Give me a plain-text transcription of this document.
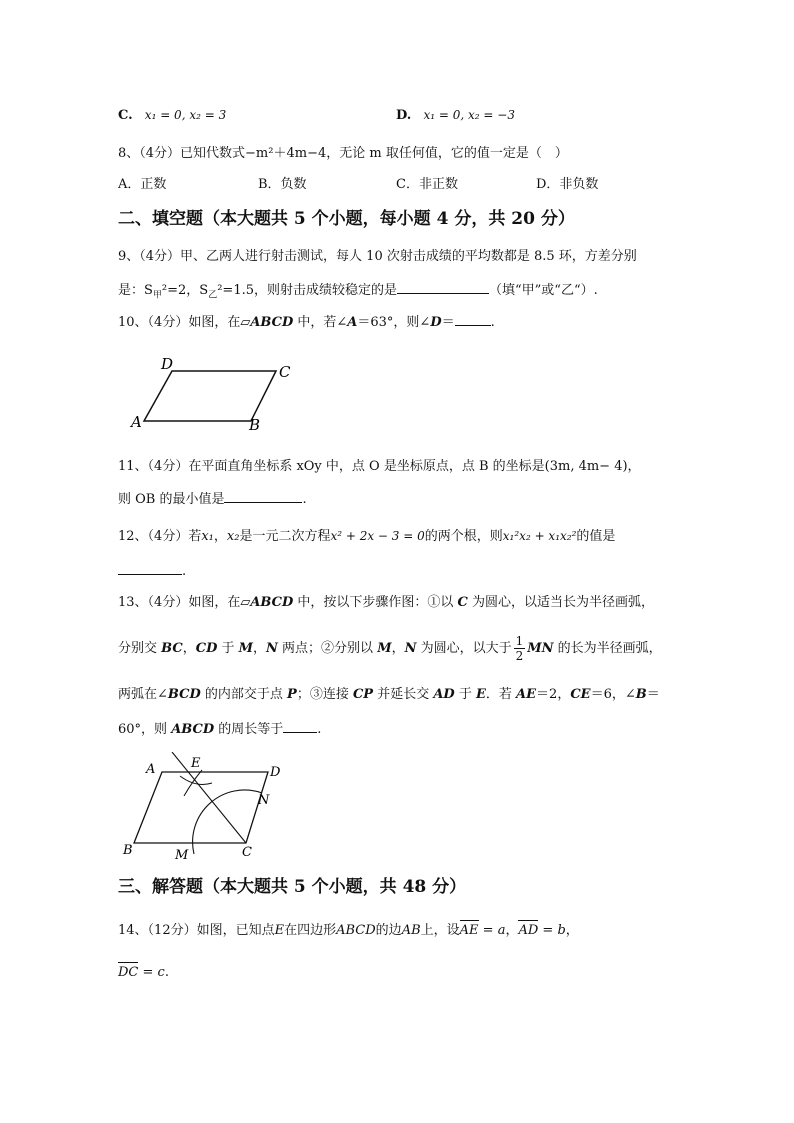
C. x₁ = 0, x₂ = 3	D. x₁ = 0, x₂ = −3
8、（4分）已知代数式−m²＋4m−4，无论 m 取任何值，它的值一定是（　）
A．正数	B．负数	C．非正数	D．非负数
二、填空题（本大题共 5 个小题，每小题 4 分，共 20 分）
9、（4分）甲、乙两人进行射击测试，每人 10 次射击成绩的平均数都是 8.5 环，方差分别
是：$S_甲^2=2$，$S_乙^2=1.5$，则射击成绩较稳定的是	（填“甲”或“乙“）.
10、（4分）如图，在▱ABCD 中，若∠A＝63°，则∠D＝	.
A	B
C
D
11、（4分）在平面直角坐标系 xOy 中，点 O 是坐标原点，点 B 的坐标是(3m, 4m− 4)，
则 OB 的最小值是	.
12、（4分）若x₁，x₂是一元二次方程x² + 2x − 3 = 0的两个根，则x₁²x₂ + x₁x₂²的值是
.
13、（4分）如图，在▱ABCD 中，按以下步骤作图：①以 C 为圆心，以适当长为半径画弧，
分别交 BC，CD 于 M，N 两点；②分别以 M，N 为圆心，以大于 $\frac{1}{2}$ MN 的长为半径画弧，
两弧在∠BCD 的内部交于点 P；③连接 CP 并延长交 AD 于 E．若 AE＝2，CE＝6，∠B＝
60°，则 ABCD 的周长等于	.
A
B	C
D
E
M
N
三、解答题（本大题共 5 个小题，共 48 分）
14、（12分）如图，已知点E在四边形ABCD的边AB上，设AE = a，AD = b，
DC = c.
